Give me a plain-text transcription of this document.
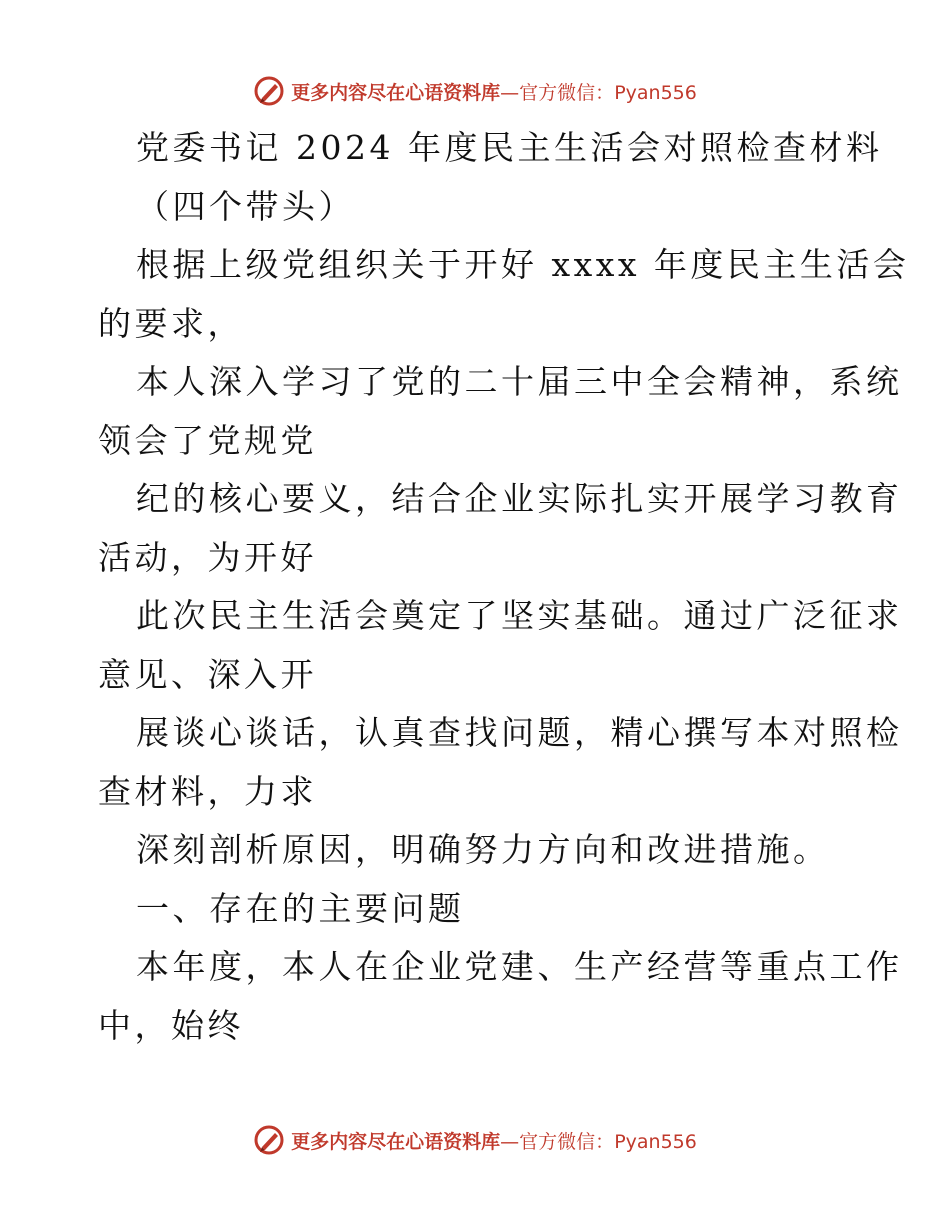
更多内容尽在心语资料库—官方微信：Pyan556
党委书记 2024 年度民主生活会对照检查材料
（四个带头）
根据上级党组织关于开好 xxxx 年度民主生活会
的要求，
本人深入学习了党的二十届三中全会精神，系统
领会了党规党
纪的核心要义，结合企业实际扎实开展学习教育
活动，为开好
此次民主生活会奠定了坚实基础。通过广泛征求
意见、深入开
展谈心谈话，认真查找问题，精心撰写本对照检
查材料，力求
深刻剖析原因，明确努力方向和改进措施。
一、存在的主要问题
本年度，本人在企业党建、生产经营等重点工作
中，始终
更多内容尽在心语资料库—官方微信：Pyan556
